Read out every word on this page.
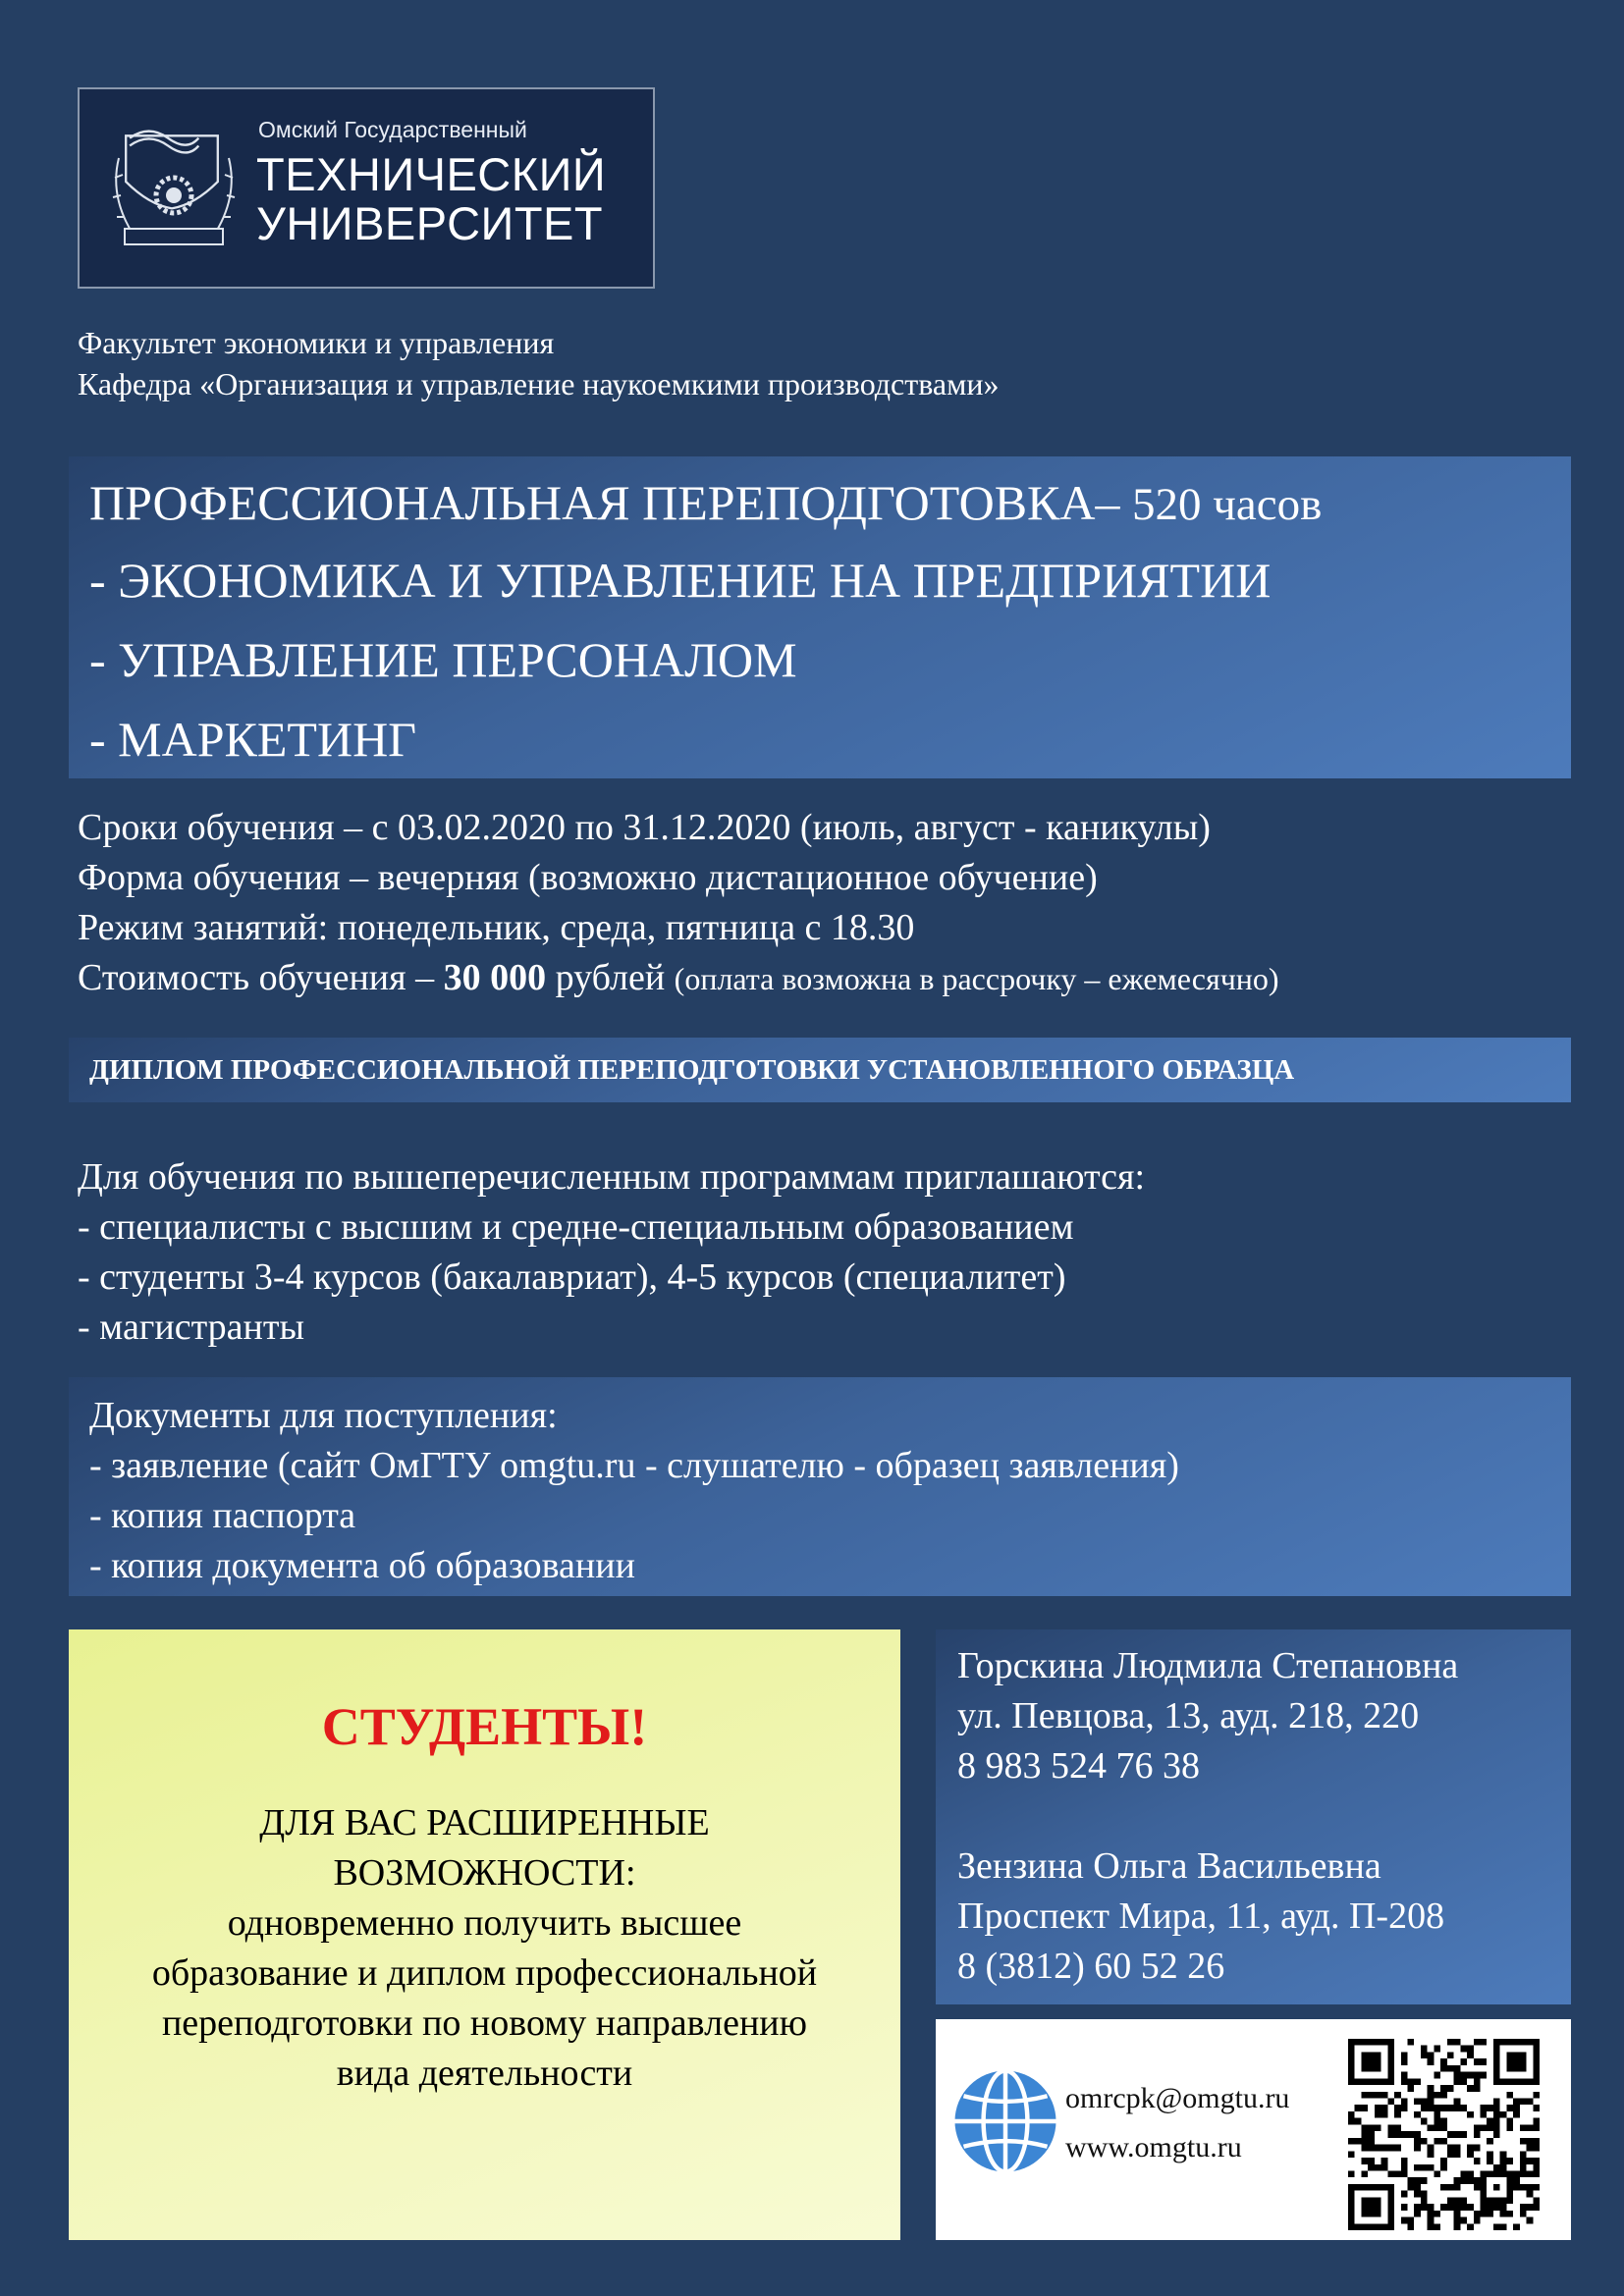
Омский Государственный
ТЕХНИЧЕСКИЙ
УНИВЕРСИТЕТ
Факультет экономики и управления
Кафедра «Организация и управление наукоемкими производствами»
ПРОФЕССИОНАЛЬНАЯ ПЕРЕПОДГОТОВКА– 520 часов
- ЭКОНОМИКА И УПРАВЛЕНИЕ НА ПРЕДПРИЯТИИ
- УПРАВЛЕНИЕ ПЕРСОНАЛОМ
- МАРКЕТИНГ
Сроки обучения – с 03.02.2020 по 31.12.2020 (июль, август - каникулы)
Форма обучения – вечерняя (возможно дистационное обучение)
Режим занятий: понедельник, среда, пятница с 18.30
Стоимость обучения – 30 000 рублей (оплата возможна в рассрочку – ежемесячно)
ДИПЛОМ ПРОФЕССИОНАЛЬНОЙ ПЕРЕПОДГОТОВКИ УСТАНОВЛЕННОГО ОБРАЗЦА
Для обучения по вышеперечисленным программам приглашаются:
- специалисты с высшим и средне-специальным образованием
- студенты 3-4 курсов (бакалавриат), 4-5 курсов (специалитет)
- магистранты
Документы для поступления:
- заявление (сайт ОмГТУ omgtu.ru - слушателю - образец заявления)
- копия паспорта
- копия документа об образовании
СТУДЕНТЫ!
ДЛЯ ВАС РАСШИРЕННЫЕ
ВОЗМОЖНОСТИ:
одновременно получить высшее
образование и диплом профессиональной
переподготовки по новому направлению
вида деятельности
Горскина Людмила Степановна
ул. Певцова, 13, ауд. 218, 220
8 983 524 76 38
Зензина Ольга Васильевна
Проспект Мира, 11, ауд. П-208
8 (3812) 60 52 26
omrcpk@omgtu.ru
www.omgtu.ru
